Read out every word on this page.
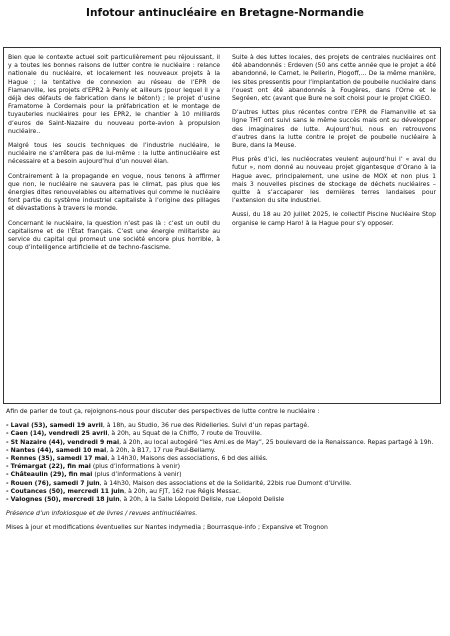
Infotour antinucléaire en Bretagne-Normandie

Bien que le contexte actuel soit particulièrement peu réjouissant, il y a toutes les bonnes raisons de lutter contre le nucléaire : relance nationale du nucléaire, et localement les nouveaux projets à la Hague ; la tentative de connexion au réseau de l’EPR de Flamanville, les projets d’EPR2 à Penly et ailleurs (pour lequel il y a déjà des défauts de fabrication dans le béton!) ; le projet d’usine Framatome à Cordemais pour la préfabrication et le montage de tuyauteries nucléaires pour les EPR2, le chantier à 10 milliards d’euros de Saint-Nazaire du nouveau porte-avion à propulsion nucléaire..

Malgré tous les soucis techniques de l’industrie nucléaire, le nucléaire ne s’arrêtera pas de lui-même : la lutte antinucléaire est nécessaire et a besoin aujourd’hui d’un nouvel élan.

Contrairement à la propagande en vogue, nous tenons à affirmer que non, le nucléaire ne sauvera pas le climat, pas plus que les énergies dites renouvelables ou alternatives qui comme le nucléaire font partie du système industriel capitaliste à l’origine des pillages et dévastations à travers le monde.

Concernant le nucléaire, la question n’est pas là : c’est un outil du capitalisme et de l’État français. C’est une énergie militariste au service du capital qui promeut une société encore plus horrible, à coup d’intelligence artificielle et de techno-fascisme.

Suite à des luttes locales, des projets de centrales nucléaires ont été abandonnés : Erdeven (50 ans cette année que le projet a été abandonné, le Carnet, le Pellerin, Plogoff,... De la même manière, les sites pressentis pour l’implantation de poubelle nucléaire dans l’ouest ont été abandonnés à Fougères, dans l’Orne et le Segréen, etc (avant que Bure ne soit choisi pour le projet CIGEO.

D’autres luttes plus récentes contre l’EPR de Flamanville et sa ligne THT ont suivi sans le même succès mais ont su développer des imaginaires de lutte. Aujourd’hui, nous en retrouvons d’autres dans la lutte contre le projet de poubelle nucléaire à Bure, dans la Meuse.

Plus près d’ici, les nucléocrates veulent aujourd’hui l’ « aval du futur », nom donné au nouveau projet gigantesque d’Orano à la Hague avec, principalement, une usine de MOX et non plus 1 mais 3 nouvelles piscines de stockage de déchets nucléaires – quitte à s’accaparer les dernières terres landaises pour l’extension du site industriel.

Aussi, du 18 au 20 juillet 2025, le collectif Piscine Nucléaire Stop organise le camp Haro! à la Hague pour s’y opposer.

Afin de parler de tout ça, rejoignons-nous pour discuter des perspectives de lutte contre le nucléaire :

- Laval (53), samedi 19 avril, à 18h, au Studio, 36 rue des Ridelleries. Suivi d’un repas partagé.
- Caen (14), vendredi 25 avril, à 20h, au Squat de la Chiffo, 7 route de Trouville.
- St Nazaire (44), vendredi 9 mai, à 20h, au local autogéré “les Ami.es de May”, 25 boulevard de la Renaissance. Repas partagé à 19h.
- Nantes (44), samedi 10 mai, à 20h, à B17, 17 rue Paul-Bellamy.
- Rennes (35), samedi 17 mai, à 14h30, Maisons des associations, 6 bd des alliés.
- Trémargat (22), fin mai (plus d’informations à venir)
- Châteaulin (29), fin mai (plus d’informations à venir)
- Rouen (76), samedi 7 juin, à 14h30, Maison des associations et de la Solidarité, 22bis rue Dumont d’Urville.
- Coutances (50), mercredi 11 juin, à 20h, au FJT, 162 rue Régis Messac.
- Valognes (50), mercredi 18 juin, à 20h, à la Salle Léopold Delisle, rue Léopold Delisle

Présence d’un infokiosque et de livres / revues antinucléaires.

Mises à jour et modifications éventuelles sur Nantes indymedia ; Bourrasque-info ; Expansive et Trognon
